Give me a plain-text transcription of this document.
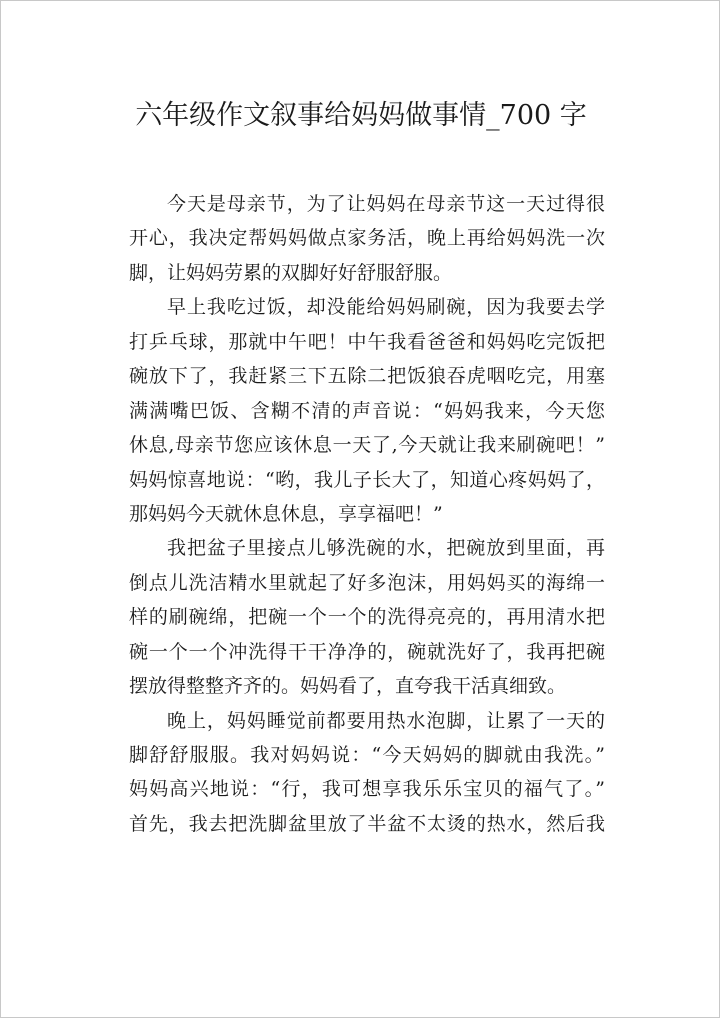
六年级作文叙事给妈妈做事情_700 字
今天是母亲节，为了让妈妈在母亲节这一天过得很
开心，我决定帮妈妈做点家务活，晚上再给妈妈洗一次
脚，让妈妈劳累的双脚好好舒服舒服。
早上我吃过饭，却没能给妈妈刷碗，因为我要去学
打乒乓球，那就中午吧！中午我看爸爸和妈妈吃完饭把
碗放下了，我赶紧三下五除二把饭狼吞虎咽吃完，用塞
满满嘴巴饭、含糊不清的声音说：“妈妈我来，今天您
休息,母亲节您应该休息一天了,今天就让我来刷碗吧！”
妈妈惊喜地说：“哟，我儿子长大了，知道心疼妈妈了，
那妈妈今天就休息休息，享享福吧！”
我把盆子里接点儿够洗碗的水，把碗放到里面，再
倒点儿洗洁精水里就起了好多泡沫，用妈妈买的海绵一
样的刷碗绵，把碗一个一个的洗得亮亮的，再用清水把
碗一个一个冲洗得干干净净的，碗就洗好了，我再把碗
摆放得整整齐齐的。妈妈看了，直夸我干活真细致。
晚上，妈妈睡觉前都要用热水泡脚，让累了一天的
脚舒舒服服。我对妈妈说：“今天妈妈的脚就由我洗。”
妈妈高兴地说：“行，我可想享我乐乐宝贝的福气了。”
首先，我去把洗脚盆里放了半盆不太烫的热水，然后我
